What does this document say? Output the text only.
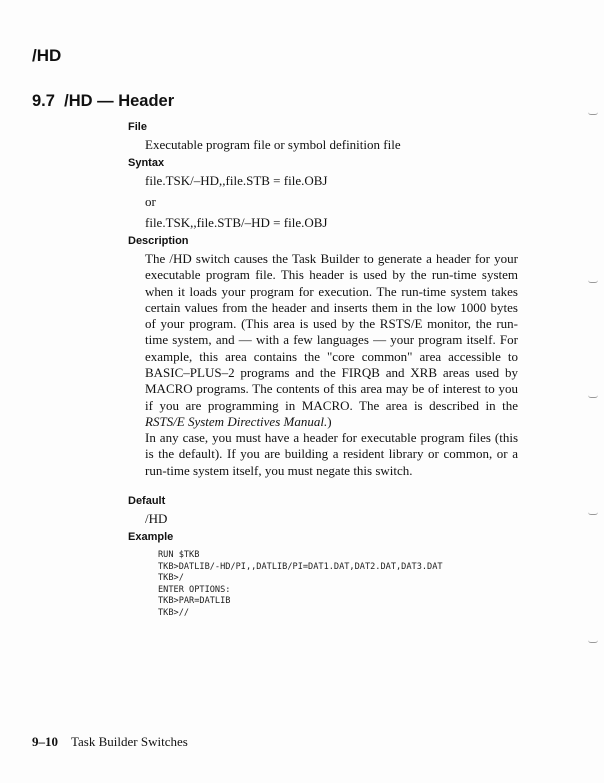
/HD
9.7 /HD — Header
File
Executable program file or symbol definition file
Syntax
file.TSK/–HD,,file.STB = file.OBJ
or
file.TSK,,file.STB/–HD = file.OBJ
Description
The /HD switch causes the Task Builder to generate a header for your executable program file. This header is used by the run-time system when it loads your program for execution. The run-time system takes certain values from the header and inserts them in the low 1000 bytes of your program. (This area is used by the RSTS/E monitor, the run-time system, and — with a few languages — your program itself. For example, this area contains the "core common" area accessible to BASIC–PLUS–2 programs and the FIRQB and XRB areas used by MACRO programs. The contents of this area may be of interest to you if you are programming in MACRO. The area is described in the RSTS/E System Directives Manual.)
In any case, you must have a header for executable program files (this is the default). If you are building a resident library or common, or a run-time system itself, you must negate this switch.
Default
/HD
Example
RUN $TKB
TKB>DATLIB/-HD/PI,,DATLIB/PI=DAT1.DAT,DAT2.DAT,DAT3.DAT
TKB>/
ENTER OPTIONS:
TKB>PAR=DATLIB
TKB>//
9–10 Task Builder Switches
